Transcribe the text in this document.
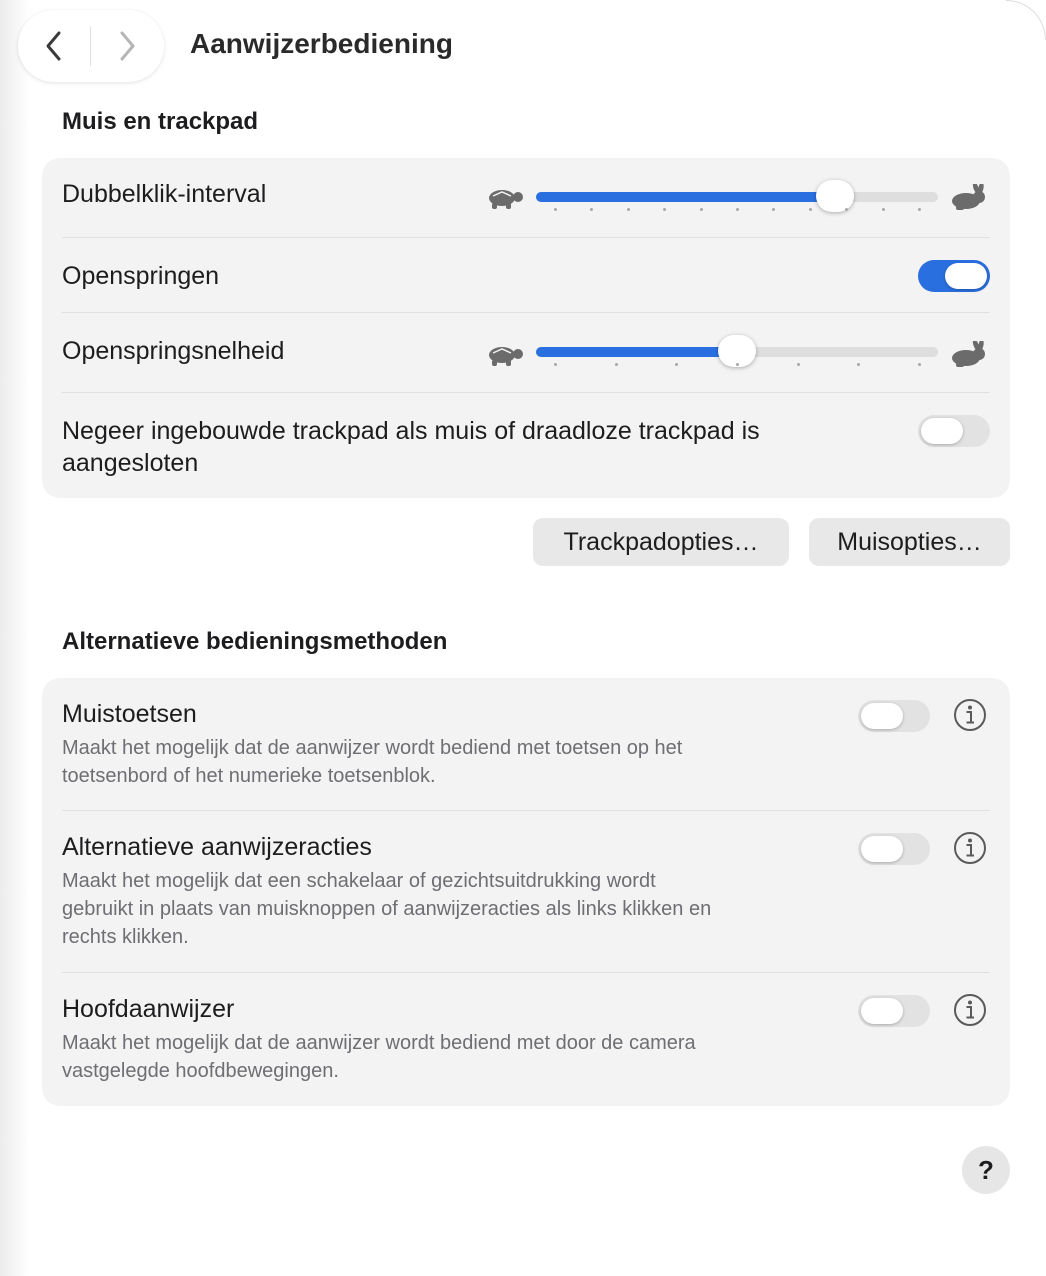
Aanwijzerbediening
Muis en trackpad
Dubbelklik-interval
Openspringen
Openspringsnelheid
Negeer ingebouwde trackpad als muis of draadloze trackpad is
aangesloten
Trackpadopties…	Muisopties…
Alternatieve bedieningsmethoden
Muistoetsen
Maakt het mogelijk dat de aanwijzer wordt bediend met toetsen op het
toetsenbord of het numerieke toetsenblok.
Alternatieve aanwijzeracties
Maakt het mogelijk dat een schakelaar of gezichtsuitdrukking wordt
gebruikt in plaats van muisknoppen of aanwijzeracties als links klikken en
rechts klikken.
Hoofdaanwijzer
Maakt het mogelijk dat de aanwijzer wordt bediend met door de camera
vastgelegde hoofdbewegingen.
?
